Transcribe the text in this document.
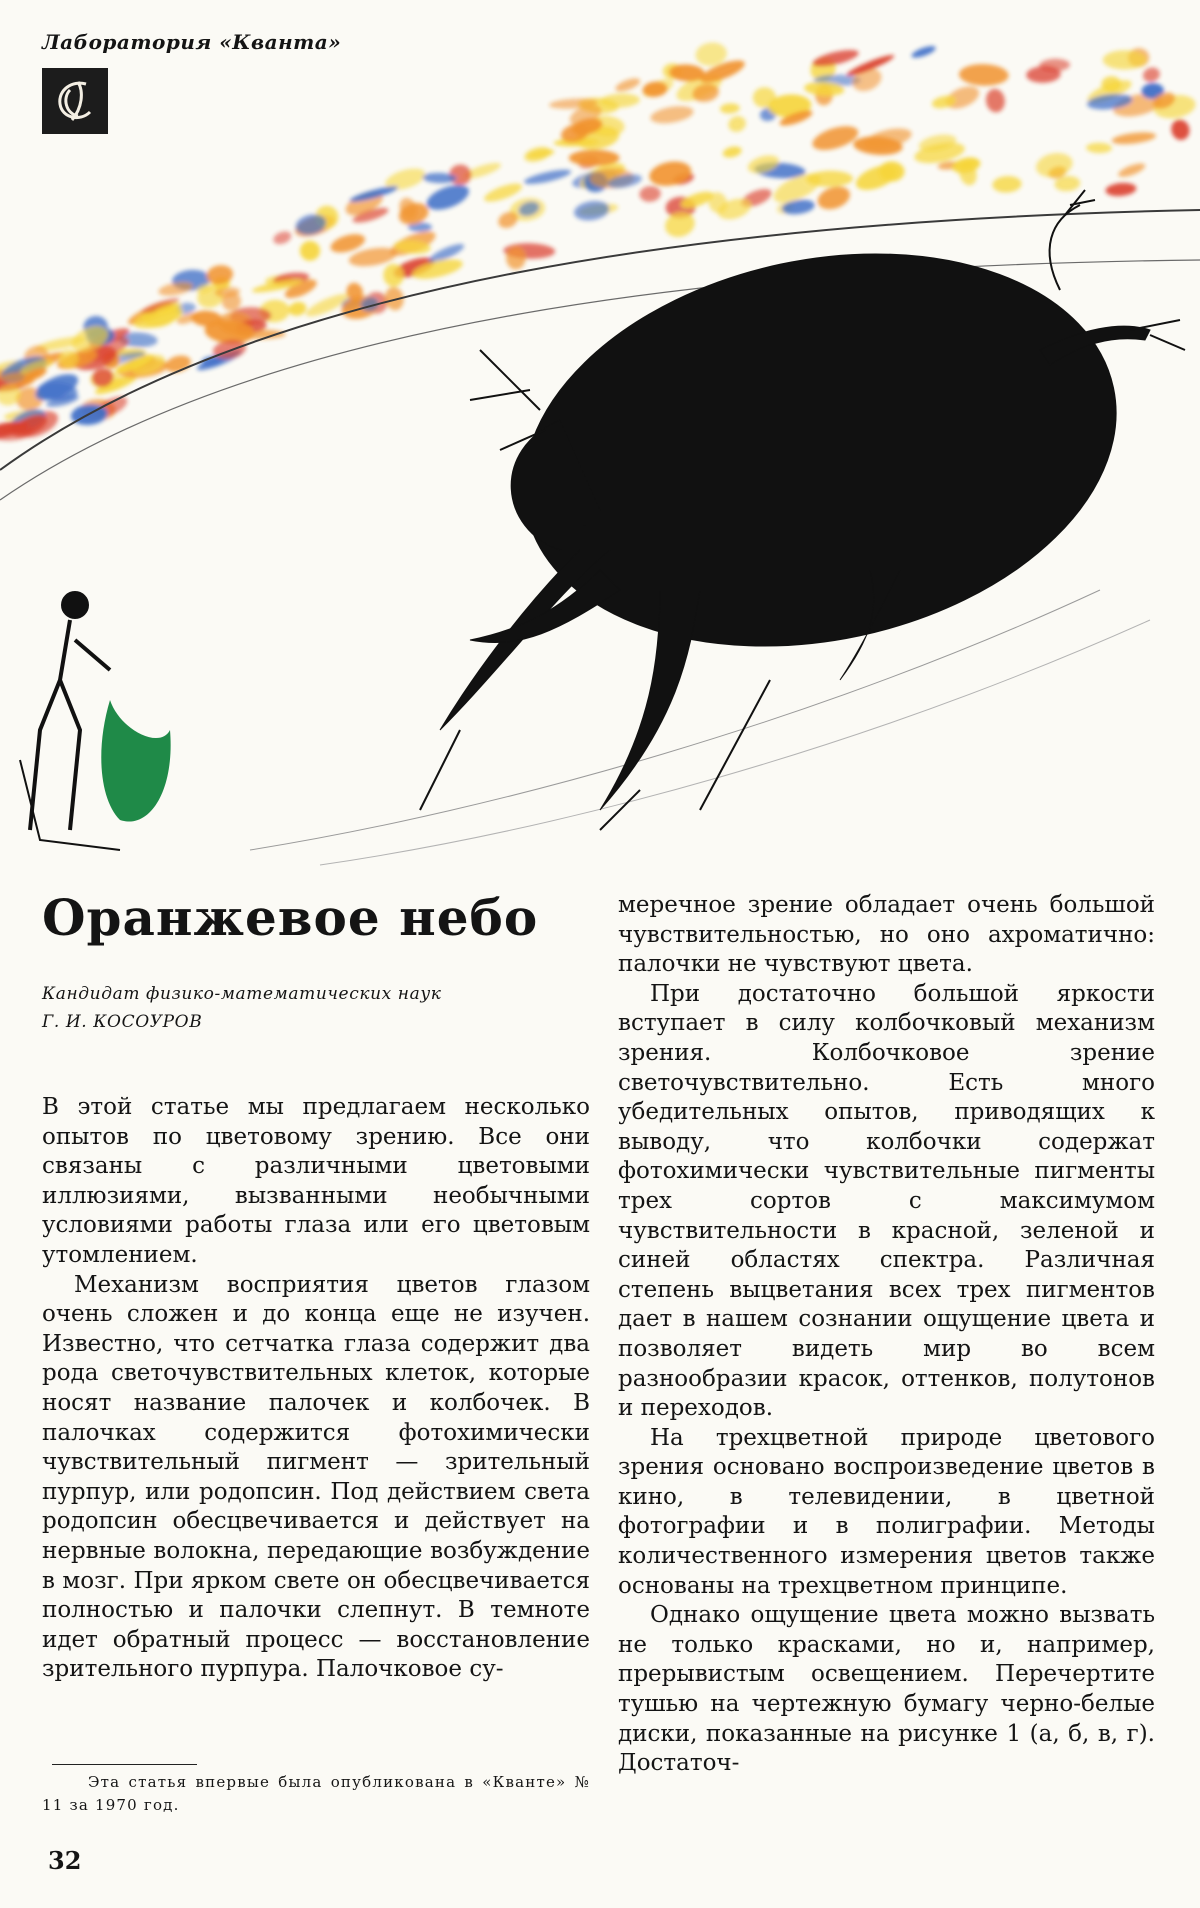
Лаборатория «Кванта»
Оранжевое небо
Кандидат физико-математических наук
Г. И. КОСОУРОВ

В этой статье мы предлагаем несколько опытов по цветовому зрению. Все они связаны с различными цветовыми иллюзиями, вызванными необычными условиями работы глаза или его цветовым утомлением.

Механизм восприятия цветов глазом очень сложен и до конца еще не изучен. Известно, что сетчатка глаза содержит два рода светочувствительных клеток, которые носят название палочек и колбочек. В палочках содержится фотохимически чувствительный пигмент — зрительный пурпур, или родопсин. Под действием света родопсин обесцвечивается и действует на нервные волокна, передающие возбуждение в мозг. При ярком свете он обесцвечивается полностью и палочки слепнут. В темноте идет обратный процесс — восстановление зрительного пурпура. Палочковое су-

меречное зрение обладает очень большой чувствительностью, но оно ахроматично: палочки не чувствуют цвета.

При достаточно большой яркости вступает в силу колбочковый механизм зрения. Колбочковое зрение светочувствительно. Есть много убедительных опытов, приводящих к выводу, что колбочки содержат фотохимически чувствительные пигменты трех сортов с максимумом чувствительности в красной, зеленой и синей областях спектра. Различная степень выцветания всех трех пигментов дает в нашем сознании ощущение цвета и позволяет видеть мир во всем разнообразии красок, оттенков, полутонов и переходов.

На трехцветной природе цветового зрения основано воспроизведение цветов в кино, в телевидении, в цветной фотографии и в полиграфии. Методы количественного измерения цветов также основаны на трехцветном принципе.

Однако ощущение цвета можно вызвать не только красками, но и, например, прерывистым освещением. Перечертите тушью на чертежную бумагу черно-белые диски, показанные на рисунке 1 (а, б, в, г). Достаточ-

Эта статья впервые была опубликована в «Кванте» № 11 за 1970 год.

32
